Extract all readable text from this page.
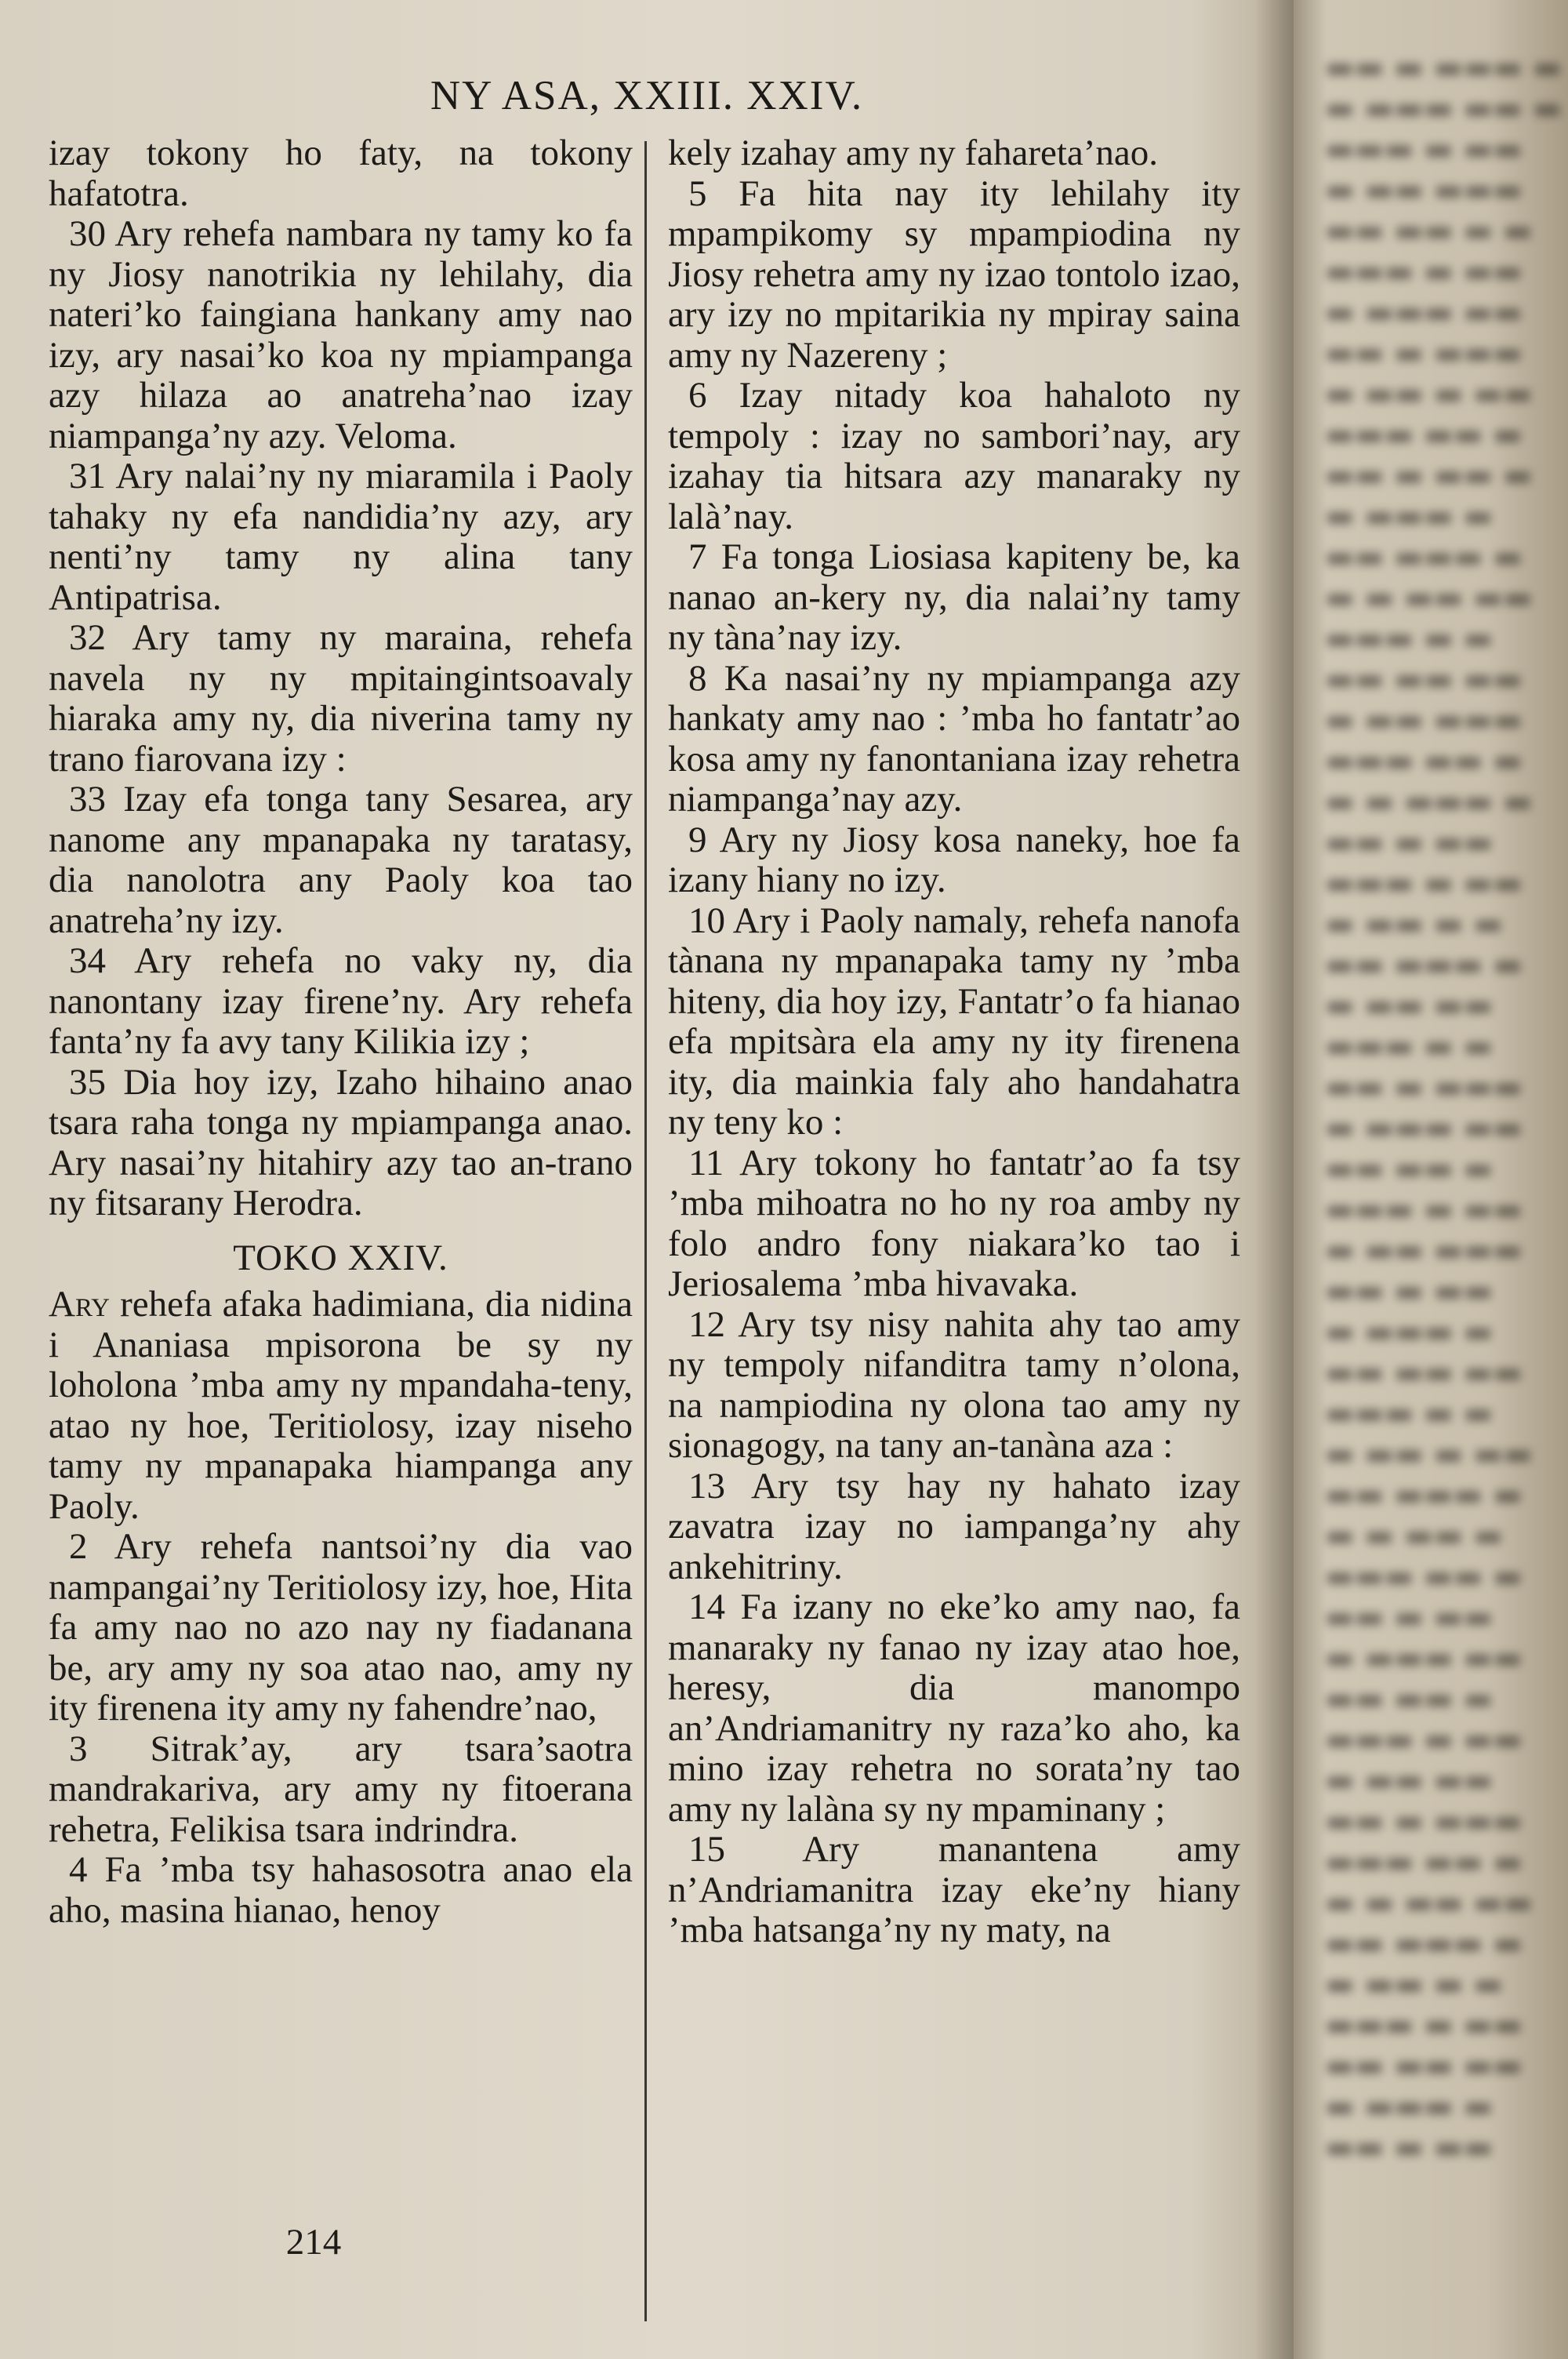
NY ASA, XXIII. XXIV.

izay tokony ho faty, na tokony hafatotra.

30 Ary rehefa nambara ny tamy ko fa ny Jiosy nanotrikia ny lehilahy, dia nateri’ko faingiana hankany amy nao izy, ary nasai’ko koa ny mpiampanga azy hilaza ao anatreha’nao izay niampanga’ny azy. Veloma.

31 Ary nalai’ny ny miaramila i Paoly tahaky ny efa nandidia’ny azy, ary nenti’ny tamy ny alina tany Antipatrisa.

32 Ary tamy ny maraina, rehefa navela ny ny mpitaingintsoavaly hiaraka amy ny, dia niverina tamy ny trano fiarovana izy :

33 Izay efa tonga tany Sesarea, ary nanome any mpanapaka ny taratasy, dia nanolotra any Paoly koa tao anatreha’ny izy.

34 Ary rehefa no vaky ny, dia nanontany izay firene’ny. Ary rehefa fanta’ny fa avy tany Kilikia izy ;

35 Dia hoy izy, Izaho hihaino anao tsara raha tonga ny mpiampanga anao. Ary nasai’ny hitahiry azy tao an-trano ny fitsarany Herodra.

TOKO XXIV.

Ary rehefa afaka hadimiana, dia nidina i Ananiasa mpisorona be sy ny loholona ’mba amy ny mpandaha-teny, atao ny hoe, Teritiolosy, izay niseho tamy ny mpanapaka hiampanga any Paoly.

2 Ary rehefa nantsoi’ny dia vao nampangai’ny Teritiolosy izy, hoe, Hita fa amy nao no azo nay ny fiadanana be, ary amy ny soa atao nao, amy ny ity firenena ity amy ny fahendre’nao,

3 Sitrak’ay, ary tsara’saotra mandrakariva, ary amy ny fitoerana rehetra, Felikisa tsara indrindra.

4 Fa ’mba tsy hahasosotra anao ela aho, masina hianao, henoy

kely izahay amy ny fahareta’nao.

5 Fa hita nay ity lehilahy ity mpampikomy sy mpampiodina ny Jiosy rehetra amy ny izao tontolo izao, ary izy no mpitarikia ny mpiray saina amy ny Nazereny ;

6 Izay nitady koa hahaloto ny tempoly : izay no sambori’nay, ary izahay tia hitsara azy manaraky ny lalà’nay.

7 Fa tonga Liosiasa kapiteny be, ka nanao an-kery ny, dia nalai’ny tamy ny tàna’nay izy.

8 Ka nasai’ny ny mpiampanga azy hankaty amy nao : ’mba ho fantatr’ao kosa amy ny fanontaniana izay rehetra niampanga’nay azy.

9 Ary ny Jiosy kosa naneky, hoe fa izany hiany no izy.

10 Ary i Paoly namaly, rehefa nanofa tànana ny mpanapaka tamy ny ’mba hiteny, dia hoy izy, Fantatr’o fa hianao efa mpitsàra ela amy ny ity firenena ity, dia mainkia faly aho handahatra ny teny ko :

11 Ary tokony ho fantatr’ao fa tsy ’mba mihoatra no ho ny roa amby ny folo andro fony niakara’ko tao i Jeriosalema ’mba hivavaka.

12 Ary tsy nisy nahita ahy tao amy ny tempoly nifanditra tamy n’olona, na nampiodina ny olona tao amy ny sionagogy, na tany an-tanàna aza :

13 Ary tsy hay ny hahato izay zavatra izay no iampanga’ny ahy ankehitriny.

14 Fa izany no eke’ko amy nao, fa manaraky ny fanao ny izay atao hoe, heresy, dia manompo an’Andriamanitry ny raza’ko aho, ka mino izay rehetra no sorata’ny tao amy ny lalàna sy ny mpaminany ;

15 Ary manantena amy n’Andriamanitra izay eke’ny hiany ’mba hatsanga’ny ny maty, na

214
▬▬ ▬ ▬▬▬ ▬
▬ ▬▬▬ ▬▬ ▬
▬▬▬ ▬ ▬▬
▬ ▬▬ ▬▬▬
▬▬ ▬▬ ▬ ▬
▬▬▬ ▬ ▬▬
▬ ▬▬▬ ▬▬
▬▬ ▬ ▬▬▬
▬ ▬▬ ▬ ▬▬
▬▬▬ ▬▬ ▬
▬▬ ▬ ▬▬ ▬
▬ ▬▬▬ ▬
▬▬ ▬▬▬ ▬
▬ ▬ ▬▬ ▬▬
▬▬▬ ▬ ▬
▬▬ ▬▬ ▬▬
▬ ▬▬ ▬▬▬
▬▬▬ ▬▬ ▬
▬ ▬ ▬▬▬ ▬
▬▬ ▬ ▬▬
▬▬▬ ▬ ▬▬
▬ ▬▬ ▬ ▬
▬▬ ▬▬▬ ▬
▬ ▬▬ ▬▬
▬▬▬ ▬ ▬
▬▬ ▬ ▬▬▬
▬ ▬▬▬ ▬▬
▬▬ ▬▬ ▬
▬▬▬ ▬ ▬▬
▬ ▬▬ ▬▬▬
▬▬ ▬ ▬▬
▬ ▬▬▬ ▬
▬▬ ▬▬ ▬▬
▬▬▬ ▬ ▬
▬ ▬▬ ▬ ▬▬
▬▬ ▬▬▬ ▬
▬ ▬ ▬▬ ▬
▬▬▬ ▬▬ ▬
▬▬ ▬ ▬▬
▬ ▬▬▬ ▬▬
▬▬ ▬▬ ▬
▬▬▬ ▬ ▬▬
▬ ▬▬ ▬▬
▬▬ ▬ ▬▬▬
▬▬▬ ▬▬ ▬
▬ ▬ ▬▬ ▬▬
▬▬ ▬▬▬ ▬
▬ ▬▬ ▬ ▬
▬▬▬ ▬ ▬▬
▬▬ ▬▬ ▬▬
▬ ▬▬▬ ▬
▬▬ ▬ ▬▬
